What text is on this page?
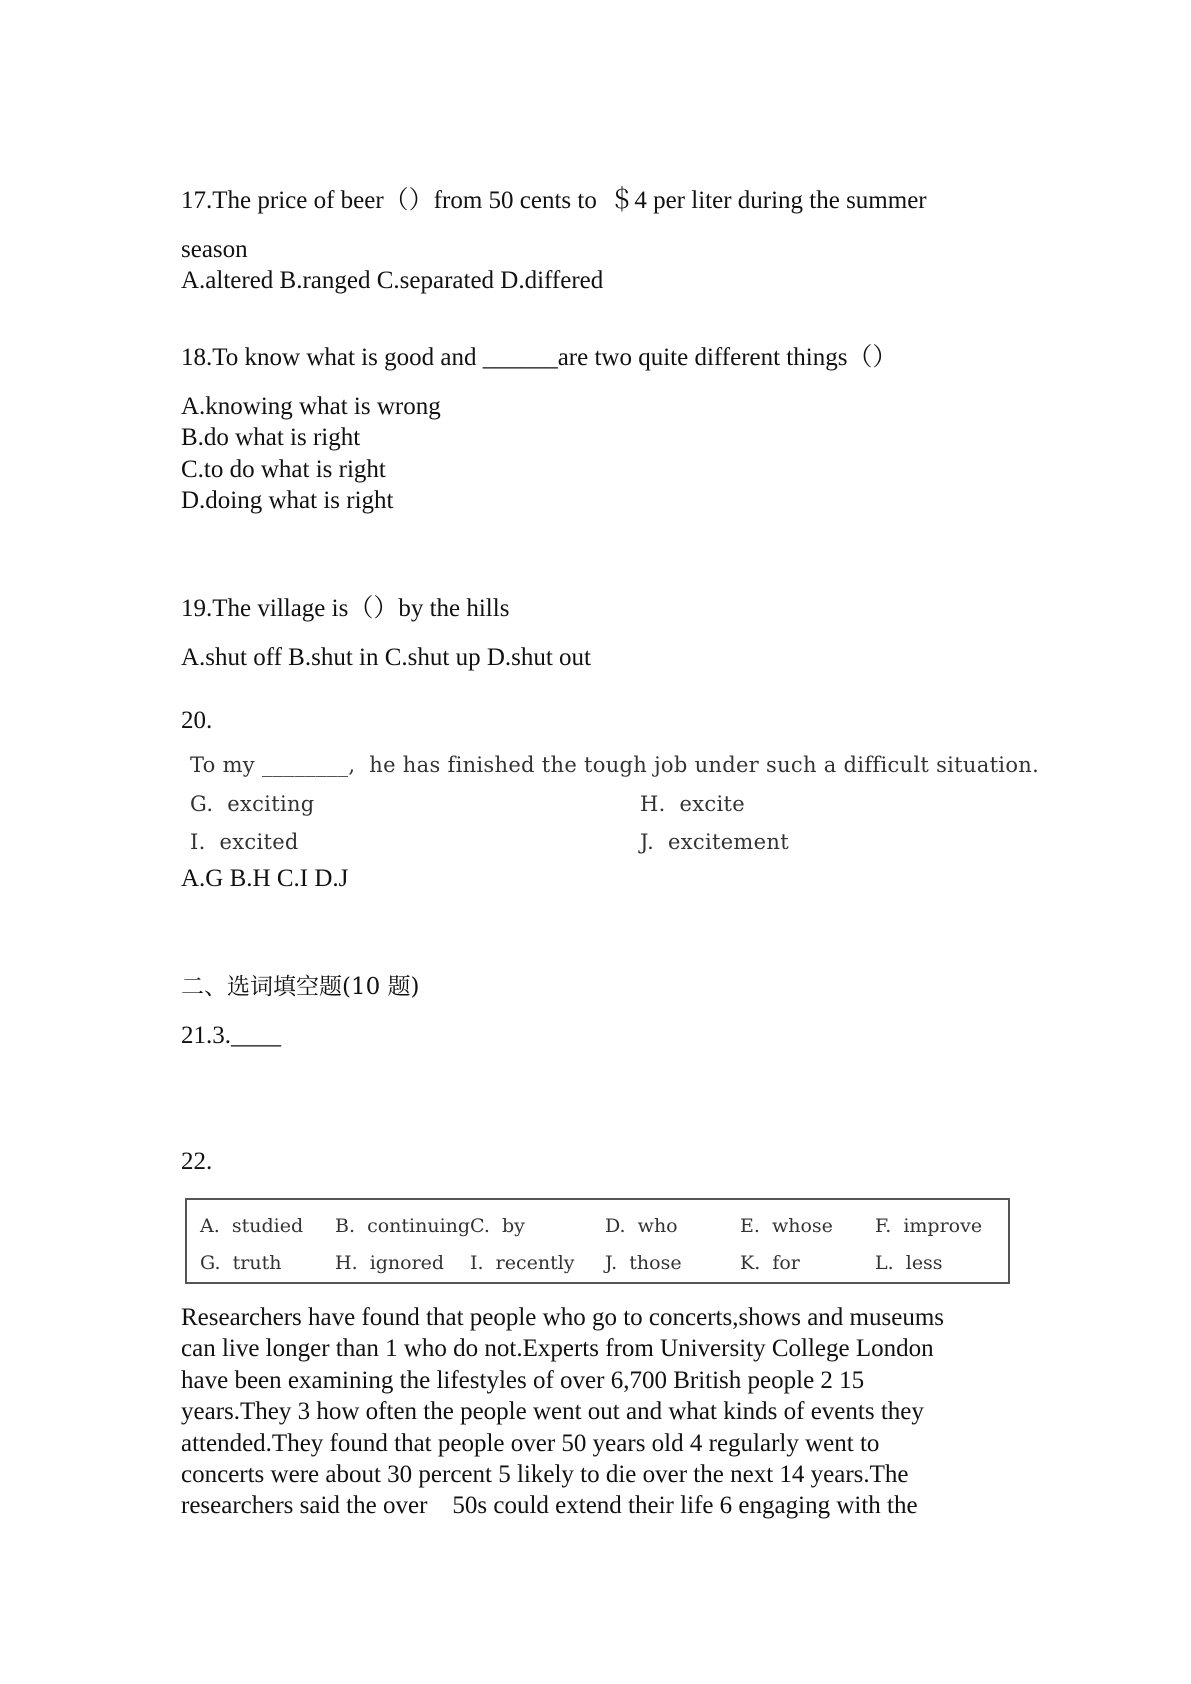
17.The price of beer（）from 50 cents to  ＄4 per liter during the summer
season
A.altered B.ranged C.separated D.differed
18.To know what is good and ______are two quite different things（）
A.knowing what is wrong
B.do what is right
C.to do what is right
D.doing what is right
19.The village is（）by the hills
A.shut off B.shut in C.shut up D.shut out
20.
To my ________,  he has finished the tough job under such a difficult situation.
G.  exciting	H.  excite
I.  excited	J.  excitement
A.G B.H C.I D.J
二、选词填空题(10 题)
21.3.____
22.
A.  studied B.  continuing C.  by	D.  who	E.  whose F.  improve
G.  truth	H.  ignored I.  recently J.  those	K.  for	L.  less
Researchers have found that people who go to concerts,shows and museums
can live longer than 1 who do not.Experts from University College London
have been examining the lifestyles of over 6,700 British people 2 15
years.They 3 how often the people went out and what kinds of events they
attended.They found that people over 50 years old 4 regularly went to
concerts were about 30 percent 5 likely to die over the next 14 years.The
researchers said the over    50s could extend their life 6 engaging with the
